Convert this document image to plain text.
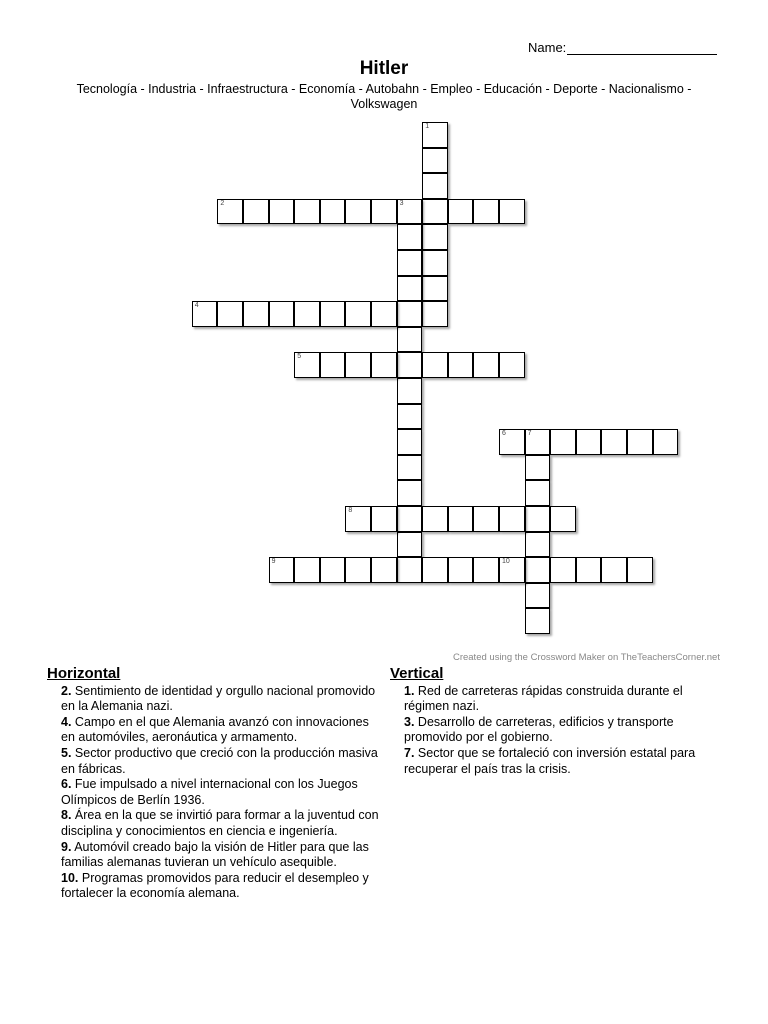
Name:
Hitler
Tecnología - Industria - Infraestructura - Economía - Autobahn - Empleo - Educación - Deporte - Nacionalismo - Volkswagen
1
2	3
4
5
6	7
8
9	10
Created using the Crossword Maker on TheTeachersCorner.net
Horizontal
2. Sentimiento de identidad y orgullo nacional promovido en la Alemania nazi.
4. Campo en el que Alemania avanzó con innovaciones en automóviles, aeronáutica y armamento.
5. Sector productivo que creció con la producción masiva en fábricas.
6. Fue impulsado a nivel internacional con los Juegos Olímpicos de Berlín 1936.
8. Área en la que se invirtió para formar a la juventud con disciplina y conocimientos en ciencia e ingeniería.
9. Automóvil creado bajo la visión de Hitler para que las familias alemanas tuvieran un vehículo asequible.
10. Programas promovidos para reducir el desempleo y fortalecer la economía alemana.
Vertical
1. Red de carreteras rápidas construida durante el régimen nazi.
3. Desarrollo de carreteras, edificios y transporte promovido por el gobierno.
7. Sector que se fortaleció con inversión estatal para recuperar el país tras la crisis.
